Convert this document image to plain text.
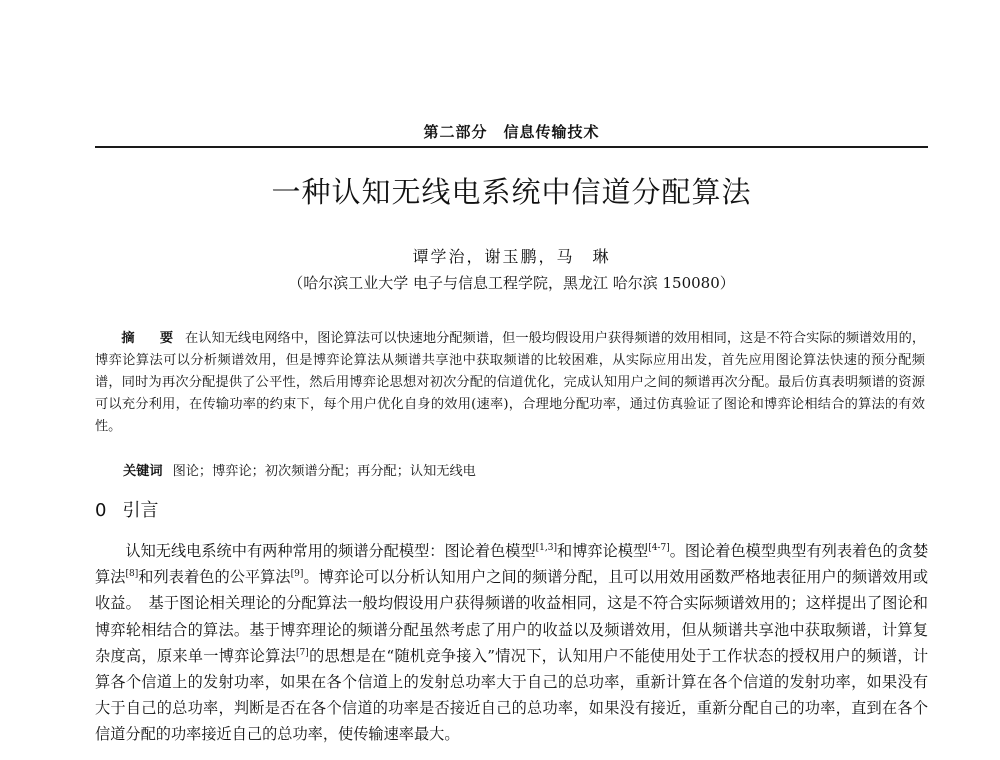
第二部分　信息传输技术
一种认知无线电系统中信道分配算法
谭学治，谢玉鹏，马　琳
（哈尔滨工业大学 电子与信息工程学院，黑龙江 哈尔滨 150080）
摘　要 在认知无线电网络中，图论算法可以快速地分配频谱，但一般均假设用户获得频谱的效用相同，这是不符合实际的频谱效用的，博弈论算法可以分析频谱效用，但是博弈论算法从频谱共享池中获取频谱的比较困难，从实际应用出发，首先应用图论算法快速的预分配频谱，同时为再次分配提供了公平性，然后用博弈论思想对初次分配的信道优化，完成认知用户之间的频谱再次分配。最后仿真表明频谱的资源可以充分利用，在传输功率的约束下，每个用户优化自身的效用(速率)，合理地分配功率，通过仿真验证了图论和博弈论相结合的算法的有效性。
关键词 图论；博弈论；初次频谱分配；再分配；认知无线电
0 引言
认知无线电系统中有两种常用的频谱分配模型：图论着色模型[1,3]和博弈论模型[4-7]。图论着色模型典型有列表着色的贪婪算法[8]和列表着色的公平算法[9]。博弈论可以分析认知用户之间的频谱分配，且可以用效用函数严格地表征用户的频谱效用或收益。　基于图论相关理论的分配算法一般均假设用户获得频谱的收益相同，这是不符合实际频谱效用的；这样提出了图论和博弈轮相结合的算法。基于博弈理论的频谱分配虽然考虑了用户的收益以及频谱效用，但从频谱共享池中获取频谱，计算复杂度高，原来单一博弈论算法[7]的思想是在“随机竞争接入”情况下，认知用户不能使用处于工作状态的授权用户的频谱，计算各个信道上的发射功率，如果在各个信道上的发射总功率大于自己的总功率，重新计算在各个信道的发射功率，如果没有大于自己的总功率，判断是否在各个信道的功率是否接近自己的总功率，如果没有接近，重新分配自己的功率，直到在各个信道分配的功率接近自己的总功率，使传输速率最大。
